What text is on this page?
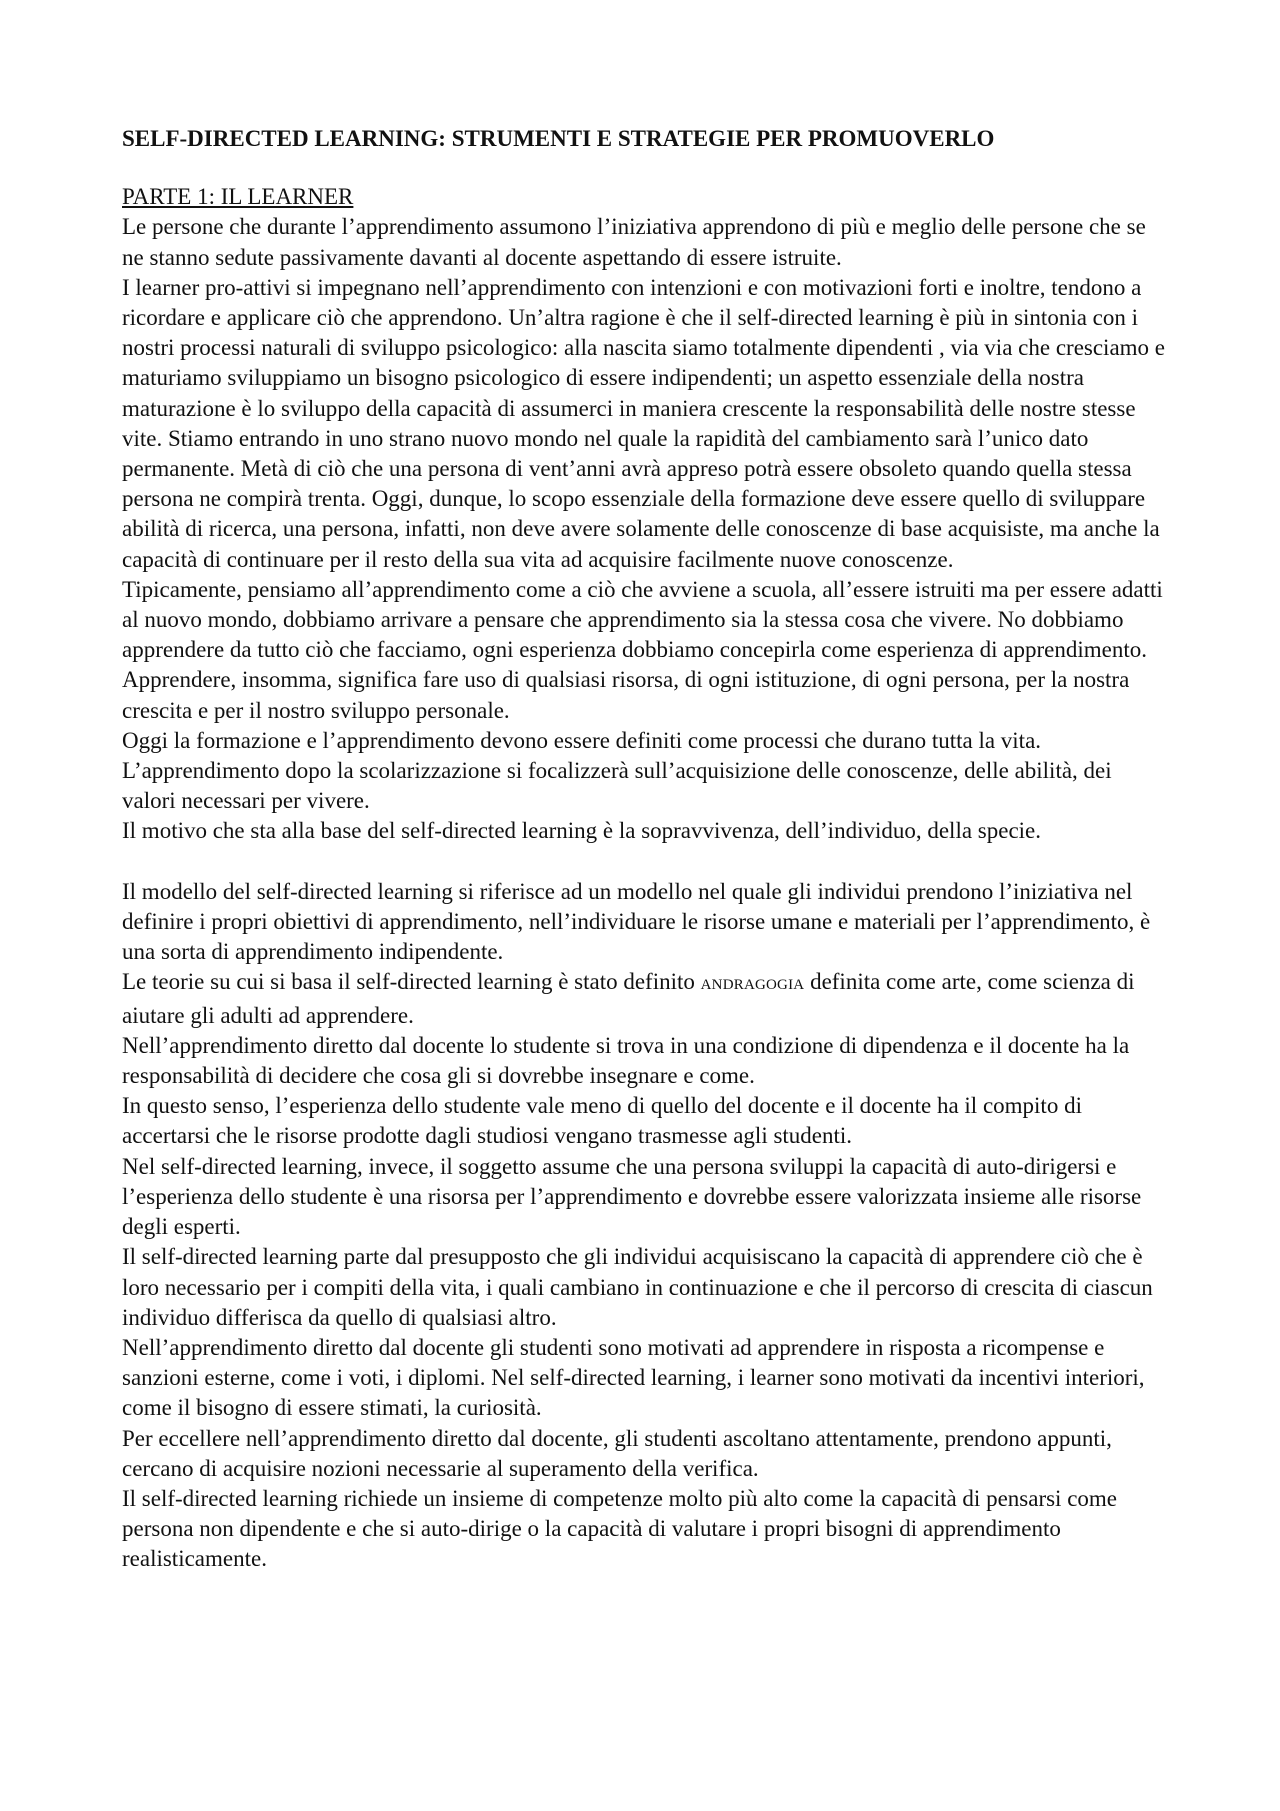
SELF-DIRECTED LEARNING: STRUMENTI E STRATEGIE PER PROMUOVERLO
PARTE 1: IL LEARNER

Le persone che durante l’apprendimento assumono l’iniziativa apprendono di più e meglio delle persone che se ne stanno sedute passivamente davanti al docente aspettando di essere istruite.

I learner pro-attivi si impegnano nell’apprendimento con intenzioni e con motivazioni forti e inoltre, tendono a ricordare e applicare ciò che apprendono. Un’altra ragione è che il self-directed learning è più in sintonia con i nostri processi naturali di sviluppo psicologico: alla nascita siamo totalmente dipendenti , via via che cresciamo e maturiamo sviluppiamo un bisogno psicologico di essere indipendenti; un aspetto essenziale della nostra maturazione è lo sviluppo della capacità di assumerci in maniera crescente la responsabilità delle nostre stesse vite. Stiamo entrando in uno strano nuovo mondo nel quale la rapidità del cambiamento sarà l’unico dato permanente. Metà di ciò che una persona di vent’anni avrà appreso potrà essere obsoleto quando quella stessa persona ne compirà trenta. Oggi, dunque, lo scopo essenziale della formazione deve essere quello di sviluppare abilità di ricerca, una persona, infatti, non deve avere solamente delle conoscenze di base acquisiste, ma anche la capacità di continuare per il resto della sua vita ad acquisire facilmente nuove conoscenze.

Tipicamente, pensiamo all’apprendimento come a ciò che avviene a scuola, all’essere istruiti ma per essere adatti al nuovo mondo, dobbiamo arrivare a pensare che apprendimento sia la stessa cosa che vivere. No dobbiamo apprendere da tutto ciò che facciamo, ogni esperienza dobbiamo concepirla come esperienza di apprendimento. Apprendere, insomma, significa fare uso di qualsiasi risorsa, di ogni istituzione, di ogni persona, per la nostra crescita e per il nostro sviluppo personale.

Oggi la formazione e l’apprendimento devono essere definiti come processi che durano tutta la vita. L’apprendimento dopo la scolarizzazione si focalizzerà sull’acquisizione delle conoscenze, delle abilità, dei valori necessari per vivere.

Il motivo che sta alla base del self-directed learning è la sopravvivenza, dell’individuo, della specie.

Il modello del self-directed learning si riferisce ad un modello nel quale gli individui prendono l’iniziativa nel definire i propri obiettivi di apprendimento, nell’individuare le risorse umane e materiali per l’apprendimento, è una sorta di apprendimento indipendente.

Le teorie su cui si basa il self-directed learning è stato definito ANDRAGOGIA definita come arte, come scienza di aiutare gli adulti ad apprendere.

Nell’apprendimento diretto dal docente lo studente si trova in una condizione di dipendenza e il docente ha la responsabilità di decidere che cosa gli si dovrebbe insegnare e come.

In questo senso, l’esperienza dello studente vale meno di quello del docente e il docente ha il compito di accertarsi che le risorse prodotte dagli studiosi vengano trasmesse agli studenti.

Nel self-directed learning, invece, il soggetto assume che una persona sviluppi la capacità di auto-dirigersi e l’esperienza dello studente è una risorsa per l’apprendimento e dovrebbe essere valorizzata insieme alle risorse degli esperti.

Il self-directed learning parte dal presupposto che gli individui acquisiscano la capacità di apprendere ciò che è loro necessario per i compiti della vita, i quali cambiano in continuazione e che il percorso di crescita di ciascun individuo differisca da quello di qualsiasi altro.

Nell’apprendimento diretto dal docente gli studenti sono motivati ad apprendere in risposta a ricompense e sanzioni esterne, come i voti, i diplomi. Nel self-directed learning, i learner sono motivati da incentivi interiori, come il bisogno di essere stimati, la curiosità.

Per eccellere nell’apprendimento diretto dal docente, gli studenti ascoltano attentamente, prendono appunti, cercano di acquisire nozioni necessarie al superamento della verifica.

Il self-directed learning richiede un insieme di competenze molto più alto come la capacità di pensarsi come persona non dipendente e che si auto-dirige o la capacità di valutare i propri bisogni di apprendimento realisticamente.
